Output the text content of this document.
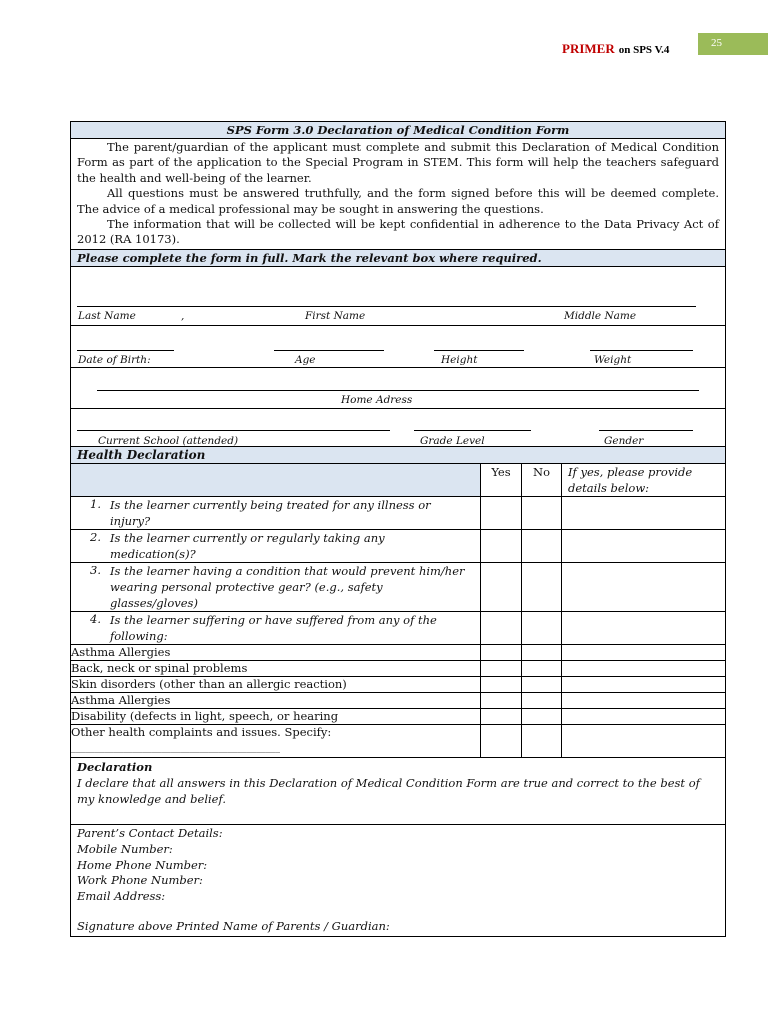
PRIMER on SPS V.4
25
SPS Form 3.0 Declaration of Medical Condition Form

The parent/guardian of the applicant must complete and submit this Declaration of Medical Condition Form as part of the application to the Special Program in STEM. This form will help the teachers safeguard the health and well-being of the learner.

All questions must be answered truthfully, and the form signed before this will be deemed complete. The advice of a medical professional may be sought in answering the questions.

The information that will be collected will be kept confidential in adherence to the Data Privacy Act of 2012 (RA 10173).

Please complete the form in full. Mark the relevant box where required.
Last Name	,	First Name	Middle Name
Date of Birth:	Age	Height	Weight
Home Adress
Current School (attended)	Grade Level	Gender
Health Declaration
	Yes	No	If yes, please provide details below:
1. Is the learner currently being treated for any illness or injury?			
2. Is the learner currently or regularly taking any medication(s)?			
3. Is the learner having a condition that would prevent him/her wearing personal protective gear? (e.g., safety glasses/gloves)			
4. Is the learner suffering or have suffered from any of the following:			
Asthma Allergies			
Back, neck or spinal problems			
Skin disorders (other than an allergic reaction)			
Asthma Allergies			
Disability (defects in light, speech, or hearing			

Other health complaints and issues. Specify:
____________________________________________			

Declaration
I declare that all answers in this Declaration of Medical Condition Form are true and correct to the best of my knowledge and belief.
Parent’s Contact Details:
Mobile Number:
Home Phone Number:
Work Phone Number:
Email Address:
Signature above Printed Name of Parents / Guardian:
